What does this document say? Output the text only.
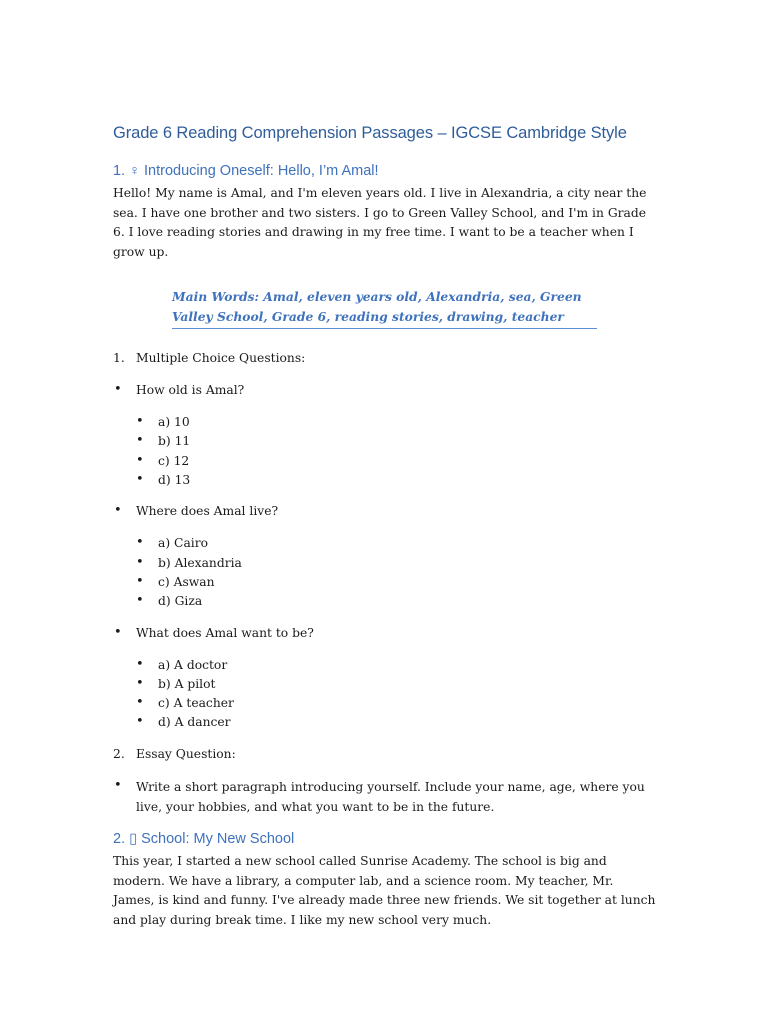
Grade 6 Reading Comprehension Passages – IGCSE Cambridge Style
1. ♀ Introducing Oneself: Hello, I’m Amal!

Hello! My name is Amal, and I'm eleven years old. I live in Alexandria, a city near the sea. I have one brother and two sisters. I go to Green Valley School, and I'm in Grade 6. I love reading stories and drawing in my free time. I want to be a teacher when I grow up.

Main Words: Amal, eleven years old, Alexandria, sea, Green Valley School, Grade 6, reading stories, drawing, teacher

1. Multiple Choice Questions:
• How old is Amal?
• a) 10
• b) 11
• c) 12
• d) 13
• Where does Amal live?
• a) Cairo
• b) Alexandria
• c) Aswan
• d) Giza
• What does Amal want to be?
• a) A doctor
• b) A pilot
• c) A teacher
• d) A dancer
2. Essay Question:
• Write a short paragraph introducing yourself. Include your name, age, where you live, your hobbies, and what you want to be in the future.
2. ▯ School: My New School

This year, I started a new school called Sunrise Academy. The school is big and modern. We have a library, a computer lab, and a science room. My teacher, Mr. James, is kind and funny. I've already made three new friends. We sit together at lunch and play during break time. I like my new school very much.
